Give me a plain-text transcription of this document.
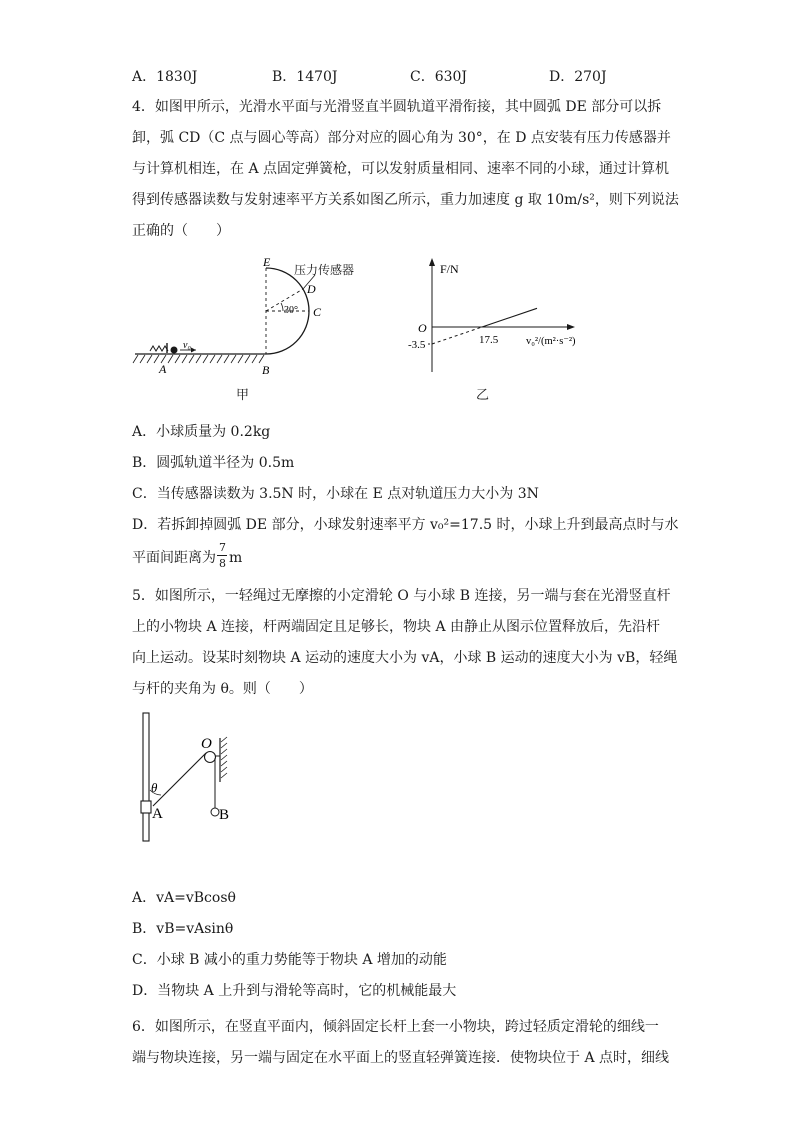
A．1830J	B．1470J	C．630J	D．270J
4．如图甲所示，光滑水平面与光滑竖直半圆轨道平滑衔接，其中圆弧 DE 部分可以拆
卸，弧 CD（C 点与圆心等高）部分对应的圆心角为 30°，在 D 点安装有压力传感器并
与计算机相连，在 A 点固定弹簧枪，可以发射质量相同、速率不同的小球，通过计算机
得到传感器读数与发射速率平方关系如图乙所示，重力加速度 g 取 10m/s²，则下列说法
正确的（　　）
v₀
E
D
C
30°
A	B
压力传感器
甲
F/N
O
17.5
-3.5	v₀²/(m²·s⁻²)
乙
A．小球质量为 0.2kg
B．圆弧轨道半径为 0.5m
C．当传感器读数为 3.5N 时，小球在 E 点对轨道压力大小为 3N
D．若拆卸掉圆弧 DE 部分，小球发射速率平方 v₀²=17.5 时，小球上升到最高点时与水
平面间距离为
7
8 m
5．如图所示，一轻绳过无摩擦的小定滑轮 O 与小球 B 连接，另一端与套在光滑竖直杆
上的小物块 A 连接，杆两端固定且足够长，物块 A 由静止从图示位置释放后，先沿杆
向上运动。设某时刻物块 A 运动的速度大小为 vA，小球 B 运动的速度大小为 vB，轻绳
与杆的夹角为 θ。则（　　）
O
θ
A	B
A．vA=vBcosθ
B．vB=vAsinθ
C．小球 B 减小的重力势能等于物块 A 增加的动能
D．当物块 A 上升到与滑轮等高时，它的机械能最大
6．如图所示，在竖直平面内，倾斜固定长杆上套一小物块，跨过轻质定滑轮的细线一
端与物块连接，另一端与固定在水平面上的竖直轻弹簧连接．使物块位于 A 点时，细线
